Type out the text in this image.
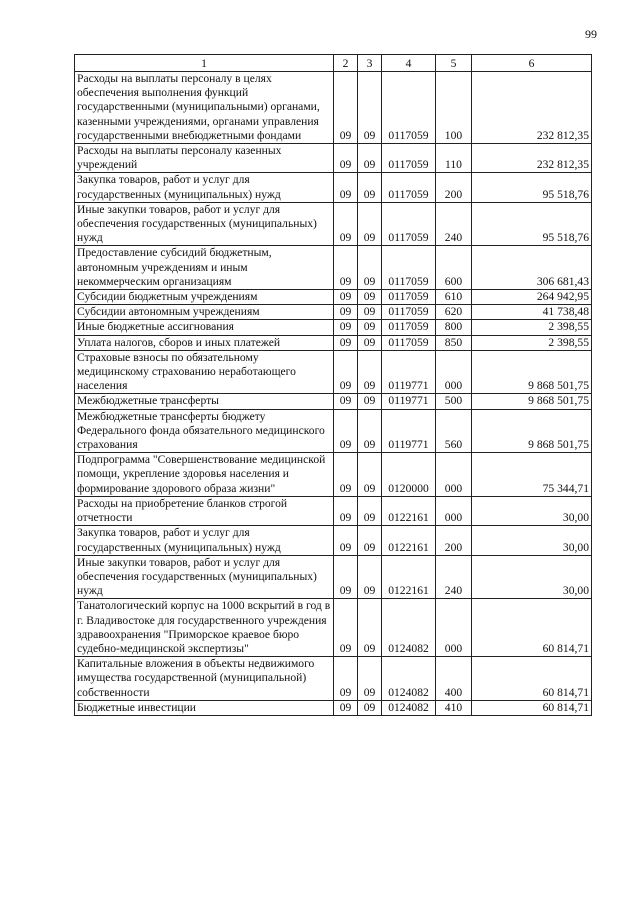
99
1	2	3	4	5	6
Расходы на выплаты персоналу в целях обеспечения выполнения функций государственными (муниципальными) органами, казенными учреждениями, органами управления государственными внебюджетными фондами	09	09	0117059	100	232 812,35
Расходы на выплаты персоналу казенных учреждений	09	09	0117059	110	232 812,35
Закупка товаров, работ и услуг для государственных (муниципальных) нужд	09	09	0117059	200	95 518,76
Иные закупки товаров, работ и услуг для обеспечения государственных (муниципальных) нужд	09	09	0117059	240	95 518,76
Предоставление субсидий бюджетным, автономным учреждениям и иным некоммерческим организациям	09	09	0117059	600	306 681,43
Субсидии бюджетным учреждениям	09	09	0117059	610	264 942,95
Субсидии автономным учреждениям	09	09	0117059	620	41 738,48
Иные бюджетные ассигнования	09	09	0117059	800	2 398,55
Уплата налогов, сборов и иных платежей	09	09	0117059	850	2 398,55
Страховые взносы по обязательному медицинскому страхованию неработающего населения	09	09	0119771	000	9 868 501,75
Межбюджетные трансферты	09	09	0119771	500	9 868 501,75
Межбюджетные трансферты бюджету Федерального фонда обязательного медицинского страхования	09	09	0119771	560	9 868 501,75
Подпрограмма "Совершенствование медицинской помощи, укрепление здоровья населения и формирование здорового образа жизни"	09	09	0120000	000	75 344,71
Расходы на приобретение бланков строгой отчетности	09	09	0122161	000	30,00
Закупка товаров, работ и услуг для государственных (муниципальных) нужд	09	09	0122161	200	30,00
Иные закупки товаров, работ и услуг для обеспечения государственных (муниципальных) нужд	09	09	0122161	240	30,00
Танатологический корпус на 1000 вскрытий в год в г. Владивостоке для государственного учреждения здравоохранения "Приморское краевое бюро судебно-медицинской экспертизы"	09	09	0124082	000	60 814,71
Капитальные вложения в объекты недвижимого имущества государственной (муниципальной) собственности	09	09	0124082	400	60 814,71
Бюджетные инвестиции	09	09	0124082	410	60 814,71
